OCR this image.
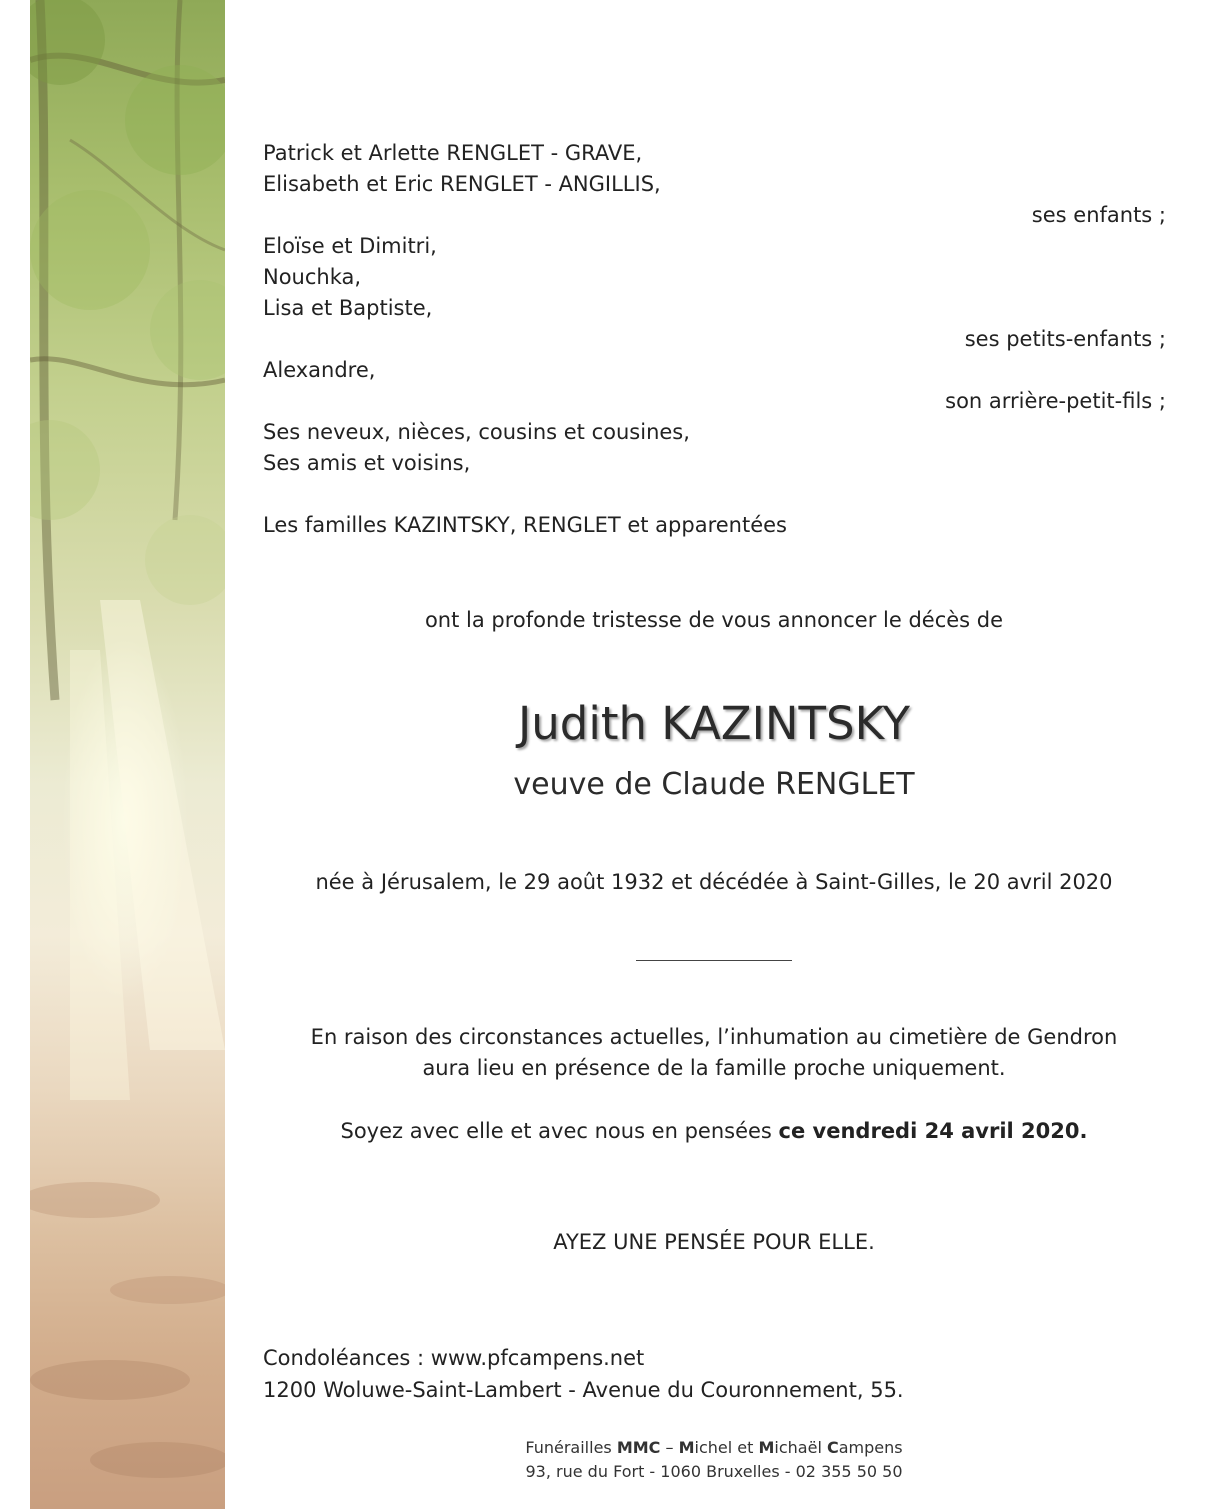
Patrick et Arlette RENGLET - GRAVE,
Elisabeth et Eric RENGLET - ANGILLIS,
ses enfants ;
Eloïse et Dimitri,
Nouchka,
Lisa et Baptiste,
ses petits-enfants ;
Alexandre,
son arrière-petit-fils ;
Ses neveux, nièces, cousins et cousines,
Ses amis et voisins,
Les familles KAZINTSKY, RENGLET et apparentées
ont la profonde tristesse de vous annoncer le décès de
Judith KAZINTSKY
veuve de Claude RENGLET
née à Jérusalem, le 29 août 1932 et décédée à Saint-Gilles, le 20 avril 2020
En raison des circonstances actuelles, l’inhumation au cimetière de Gendron
aura lieu en présence de la famille proche uniquement.
Soyez avec elle et avec nous en pensées ce vendredi 24 avril 2020.
AYEZ UNE PENSÉE POUR ELLE.
Condoléances : www.pfcampens.net
1200 Woluwe-Saint-Lambert - Avenue du Couronnement, 55.
Funérailles MMC – Michel et Michaël Campens
93, rue du Fort - 1060 Bruxelles - 02 355 50 50
